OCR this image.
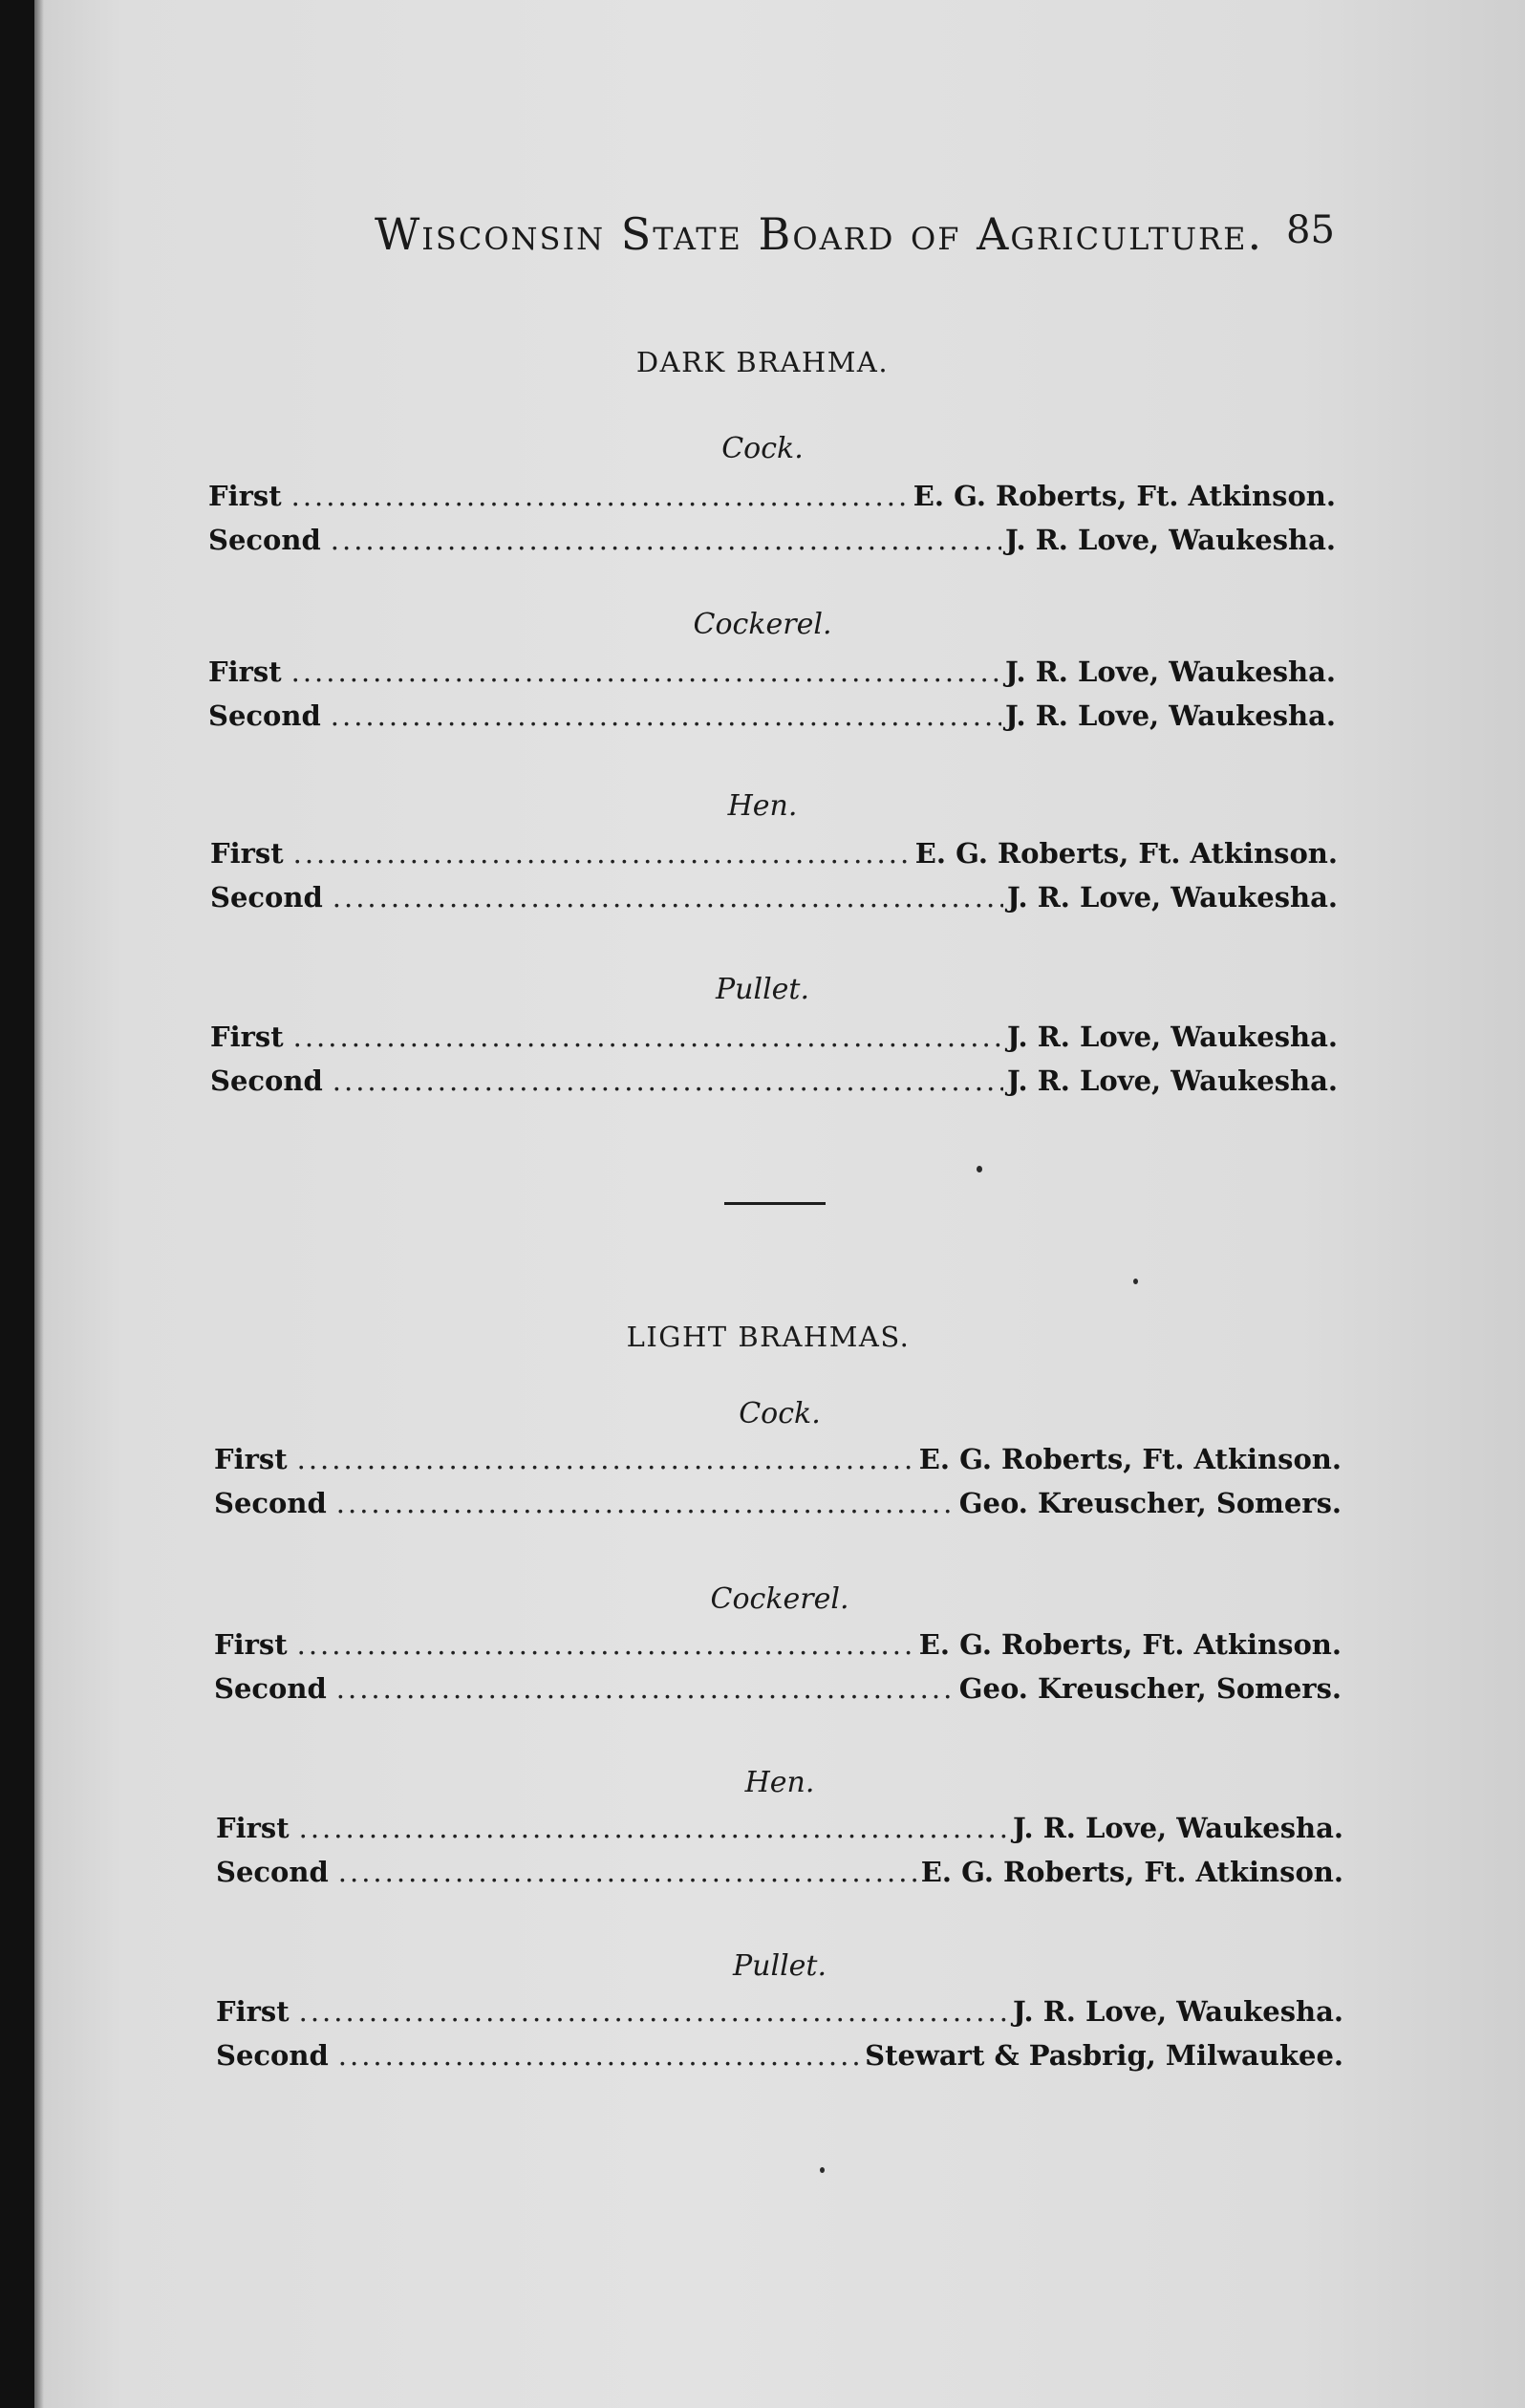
Wisconsin State Board of Agriculture. 85
DARK BRAHMA.
Cock.
First .....	E. G. Roberts, Ft. Atkinson.
Second .....	J. R. Love, Waukesha.
Cockerel.
First .....	J. R. Love, Waukesha.
Second .....	J. R. Love, Waukesha.
Hen.
First .....	E. G. Roberts, Ft. Atkinson.
Second .....	J. R. Love, Waukesha.
Pullet.
First .....	J. R. Love, Waukesha.
Second .....	J. R. Love, Waukesha.
LIGHT BRAHMAS.
Cock.
First .....	E. G. Roberts, Ft. Atkinson.
Second .....	Geo. Kreuscher, Somers.
Cockerel.
First .....	E. G. Roberts, Ft. Atkinson.
Second .....	Geo. Kreuscher, Somers.
Hen.
First .....	J. R. Love, Waukesha.
Second .....	E. G. Roberts, Ft. Atkinson.
Pullet.
First .....	J. R. Love, Waukesha.
Second .....	Stewart & Pasbrig, Milwaukee.
